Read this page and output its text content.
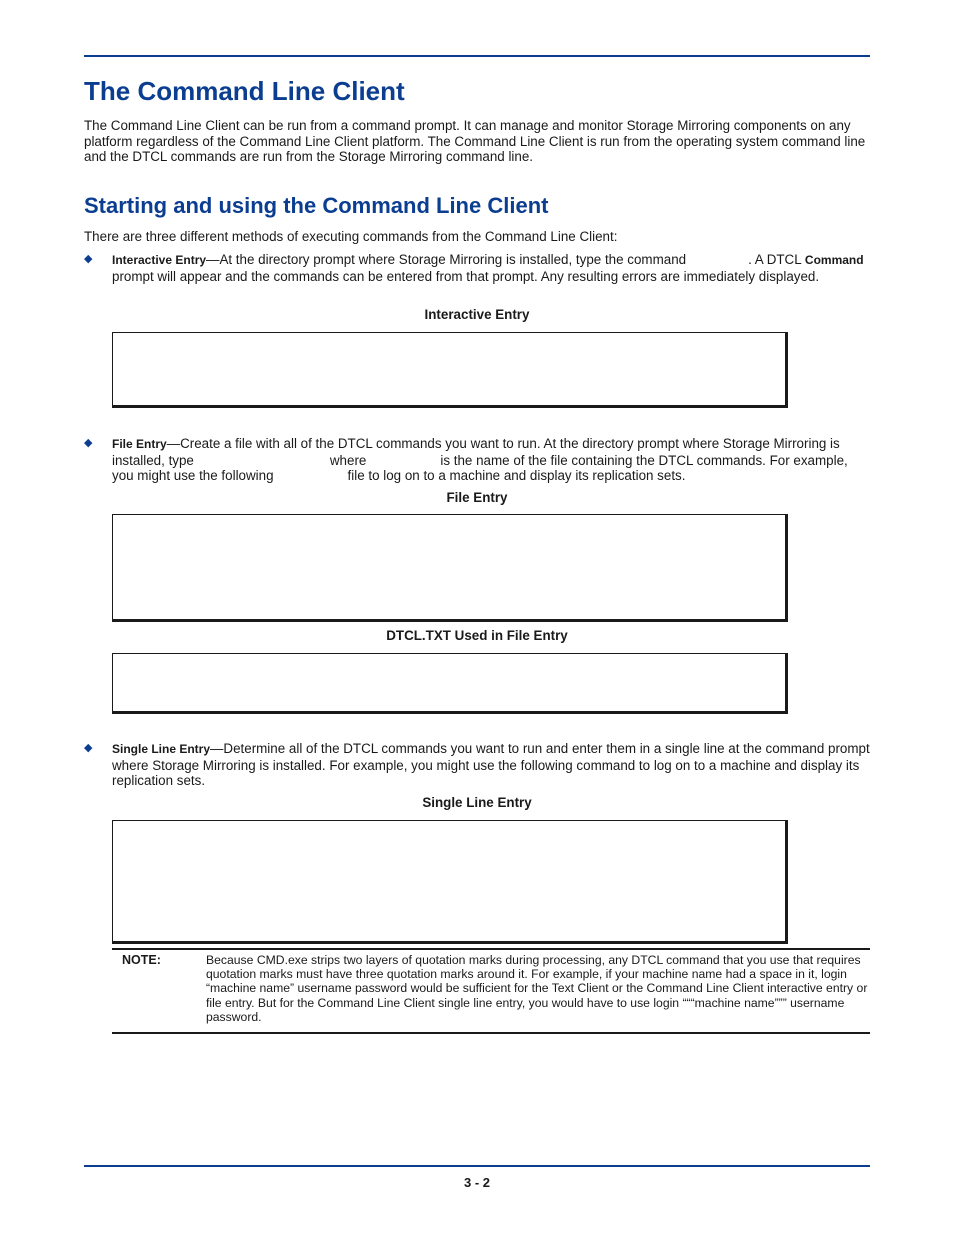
The Command Line Client

The Command Line Client can be run from a command prompt. It can manage and monitor Storage Mirroring components on any platform regardless of the Command Line Client platform. The Command Line Client is run from the operating system command line and the DTCL commands are run from the Storage Mirroring command line.

Starting and using the Command Line Client

There are three different methods of executing commands from the Command Line Client:

◆ Interactive Entry—At the directory prompt where Storage Mirroring is installed, type the command	. A DTCL Command prompt will appear and the commands can be entered from that prompt. Any resulting errors are immediately displayed.
Interactive Entry
◆ File Entry—Create a file with all of the DTCL commands you want to run. At the directory prompt where Storage Mirroring is installed, type	where	is the name of the file containing the DTCL commands. For example, you might use the following	file to log on to a machine and display its replication sets.
File Entry
DTCL.TXT Used in File Entry
◆ Single Line Entry—Determine all of the DTCL commands you want to run and enter them in a single line at the command prompt where Storage Mirroring is installed. For example, you might use the following command to log on to a machine and display its replication sets.
Single Line Entry
NOTE:	Because CMD.exe strips two layers of quotation marks during processing, any DTCL command that you use that requires quotation marks must have three quotation marks around it. For example, if your machine name had a space in it, login “machine name” username password would be sufficient for the Text Client or the Command Line Client interactive entry or file entry. But for the Command Line Client single line entry, you would have to use login “““machine name””” username password.

3 - 2
